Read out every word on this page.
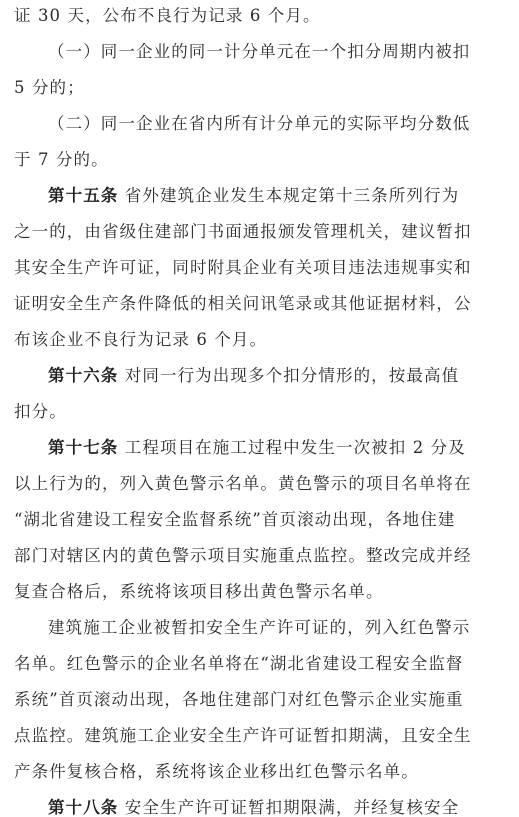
证 30 天，公布不良行为记录 6 个月。
（一）同一企业的同一计分单元在一个扣分周期内被扣
5 分的；
（二）同一企业在省内所有计分单元的实际平均分数低
于 7 分的。
第十五条 省外建筑企业发生本规定第十三条所列行为
之一的，由省级住建部门书面通报颁发管理机关，建议暂扣
其安全生产许可证，同时附具企业有关项目违法违规事实和
证明安全生产条件降低的相关问讯笔录或其他证据材料，公
布该企业不良行为记录 6 个月。
第十六条 对同一行为出现多个扣分情形的，按最高值
扣分。
第十七条 工程项目在施工过程中发生一次被扣 2 分及
以上行为的，列入黄色警示名单。黄色警示的项目名单将在
“湖北省建设工程安全监督系统”首页滚动出现，各地住建
部门对辖区内的黄色警示项目实施重点监控。整改完成并经
复查合格后，系统将该项目移出黄色警示名单。
建筑施工企业被暂扣安全生产许可证的，列入红色警示
名单。红色警示的企业名单将在“湖北省建设工程安全监督
系统”首页滚动出现，各地住建部门对红色警示企业实施重
点监控。建筑施工企业安全生产许可证暂扣期满，且安全生
产条件复核合格，系统将该企业移出红色警示名单。
第十八条 安全生产许可证暂扣期限满，并经复核安全
